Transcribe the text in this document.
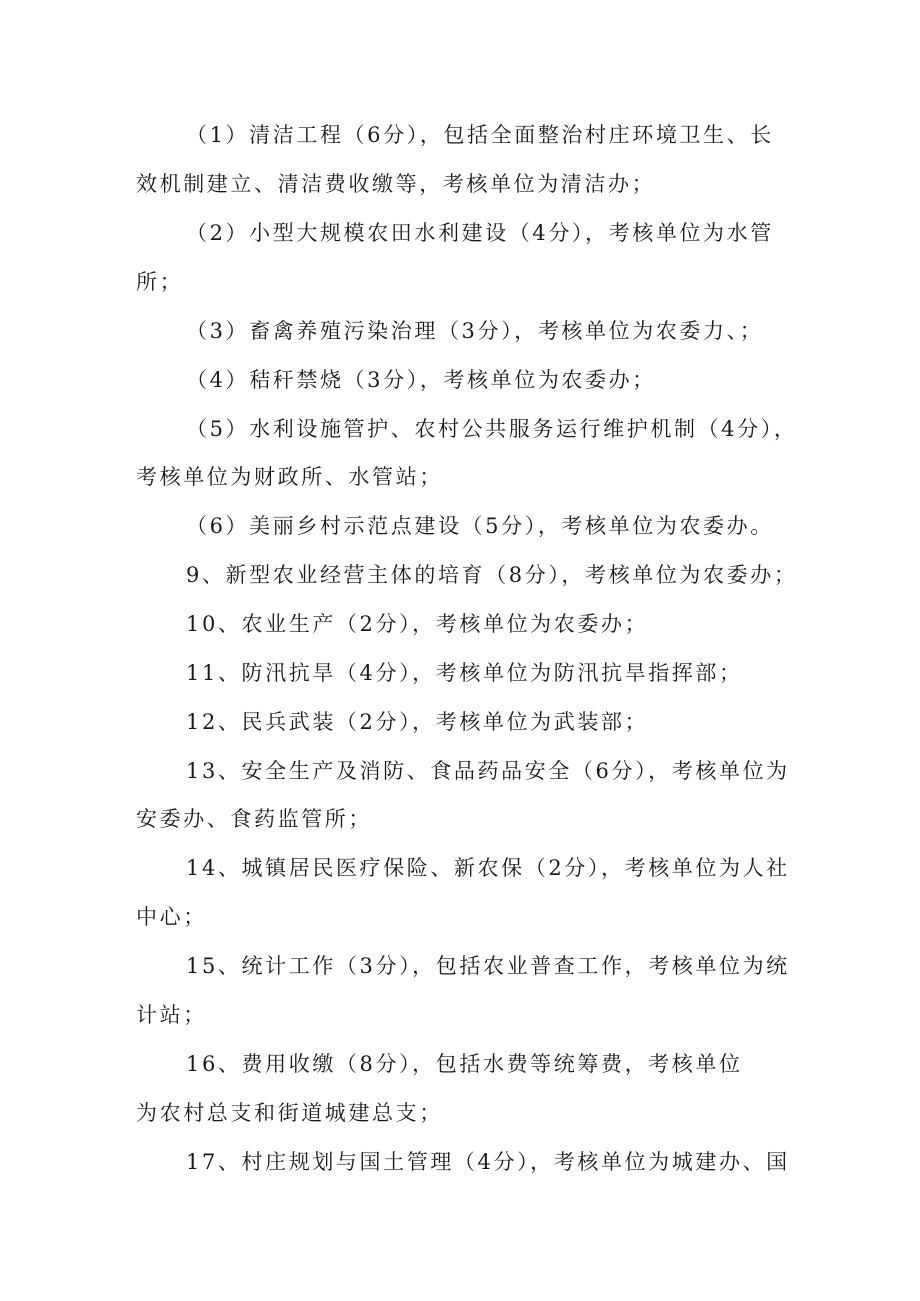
（1）清洁工程（6分），包括全面整治村庄环境卫生、长
效机制建立、清洁费收缴等，考核单位为清洁办；
（2）小型大规模农田水利建设（4分），考核单位为水管
所；
（3）畜禽养殖污染治理（3分），考核单位为农委力、；
（4）秸秆禁烧（3分），考核单位为农委办；
（5）水利设施管护、农村公共服务运行维护机制（4分），
考核单位为财政所、水管站；
（6）美丽乡村示范点建设（5分），考核单位为农委办。
9、新型农业经营主体的培育（8分），考核单位为农委办；
10、农业生产（2分），考核单位为农委办；
11、防汛抗旱（4分），考核单位为防汛抗旱指挥部；
12、民兵武装（2分），考核单位为武装部；
13、安全生产及消防、食品药品安全（6分），考核单位为
安委办、食药监管所；
14、城镇居民医疗保险、新农保（2分），考核单位为人社
中心；
15、统计工作（3分），包括农业普查工作，考核单位为统
计站；
16、费用收缴（8分），包括水费等统筹费，考核单位
为农村总支和街道城建总支；
17、村庄规划与国土管理（4分），考核单位为城建办、国
